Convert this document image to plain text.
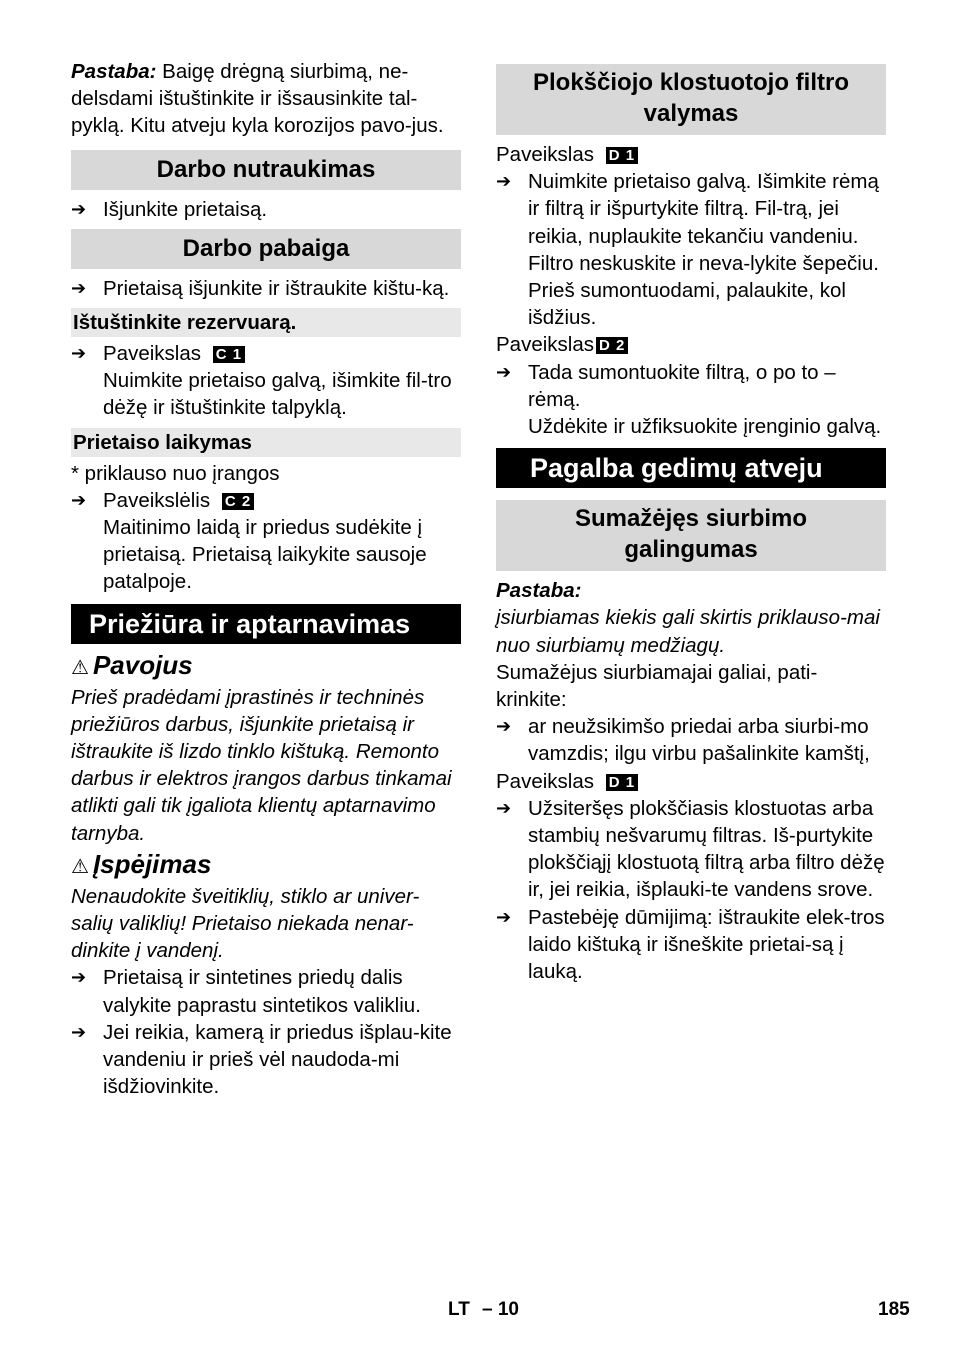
Pastaba: Baigę drėgną siurbimą, ne-delsdami ištuštinkite ir išsausinkite tal-pyklą. Kitu atveju kyla korozijos pavo-jus.

Darbo nutraukimas
➔ Išjunkite prietaisą.
Darbo pabaiga
➔ Prietaisą išjunkite ir ištraukite kištu-ką.
Ištuštinkite rezervuarą.
➔ Paveikslas C 1

Nuimkite prietaiso galvą, išimkite fil-tro dėžę ir ištuštinkite talpyklą.

Prietaiso laikymas

* priklauso nuo įrangos

➔ Paveikslėlis C 2

Maitinimo laidą ir priedus sudėkite į prietaisą. Prietaisą laikykite sausoje patalpoje.

Priežiūra ir aptarnavimas
⚠ Pavojus

Prieš pradėdami įprastinės ir techninės priežiūros darbus, išjunkite prietaisą ir ištraukite iš lizdo tinklo kištuką. Remonto darbus ir elektros įrangos darbus tinkamai atlikti gali tik įgaliota klientų aptarnavimo tarnyba.

⚠ Įspėjimas

Nenaudokite šveitiklių, stiklo ar univer-salių valiklių! Prietaiso niekada nenar-dinkite į vandenį.

➔ Prietaisą ir sintetines priedų dalis valykite paprastu sintetikos valikliu.
➔ Jei reikia, kamerą ir priedus išplau-kite vandeniu ir prieš vėl naudoda-mi išdžiovinkite.
Plokščiojo klostuotojo filtro valymas
Paveikslas D 1
➔ Nuimkite prietaiso galvą. Išimkite rėmą ir filtrą ir išpurtykite filtrą. Fil-trą, jei reikia, nuplaukite tekančiu vandeniu. Filtro neskuskite ir neva-lykite šepečiu.

Prieš sumontuodami, palaukite, kol išdžius.

Paveikslas D 2
➔ Tada sumontuokite filtrą, o po to – rėmą.

Uždėkite ir užfiksuokite įrenginio galvą.

Pagalba gedimų atveju
Sumažėjęs siurbimo galingumas

Pastaba:

įsiurbiamas kiekis gali skirtis priklauso-mai nuo siurbiamų medžiagų.

Sumažėjus siurbiamajai galiai, pati-krinkite:

➔ ar neužsikimšo priedai arba siurbi-mo vamzdis; ilgu virbu pašalinkite kamštį,
Paveikslas D 1
➔ Užsiteršęs plokščiasis klostuotas arba stambių nešvarumų filtras. Iš-purtykite plokščiąjį klostuotą filtrą arba filtro dėžę ir, jei reikia, išplauki-te vandens srove.
➔ Pastebėję dūmijimą: ištraukite elek-tros laido kištuką ir išneškite prietai-są į lauką.
LT – 10	185
